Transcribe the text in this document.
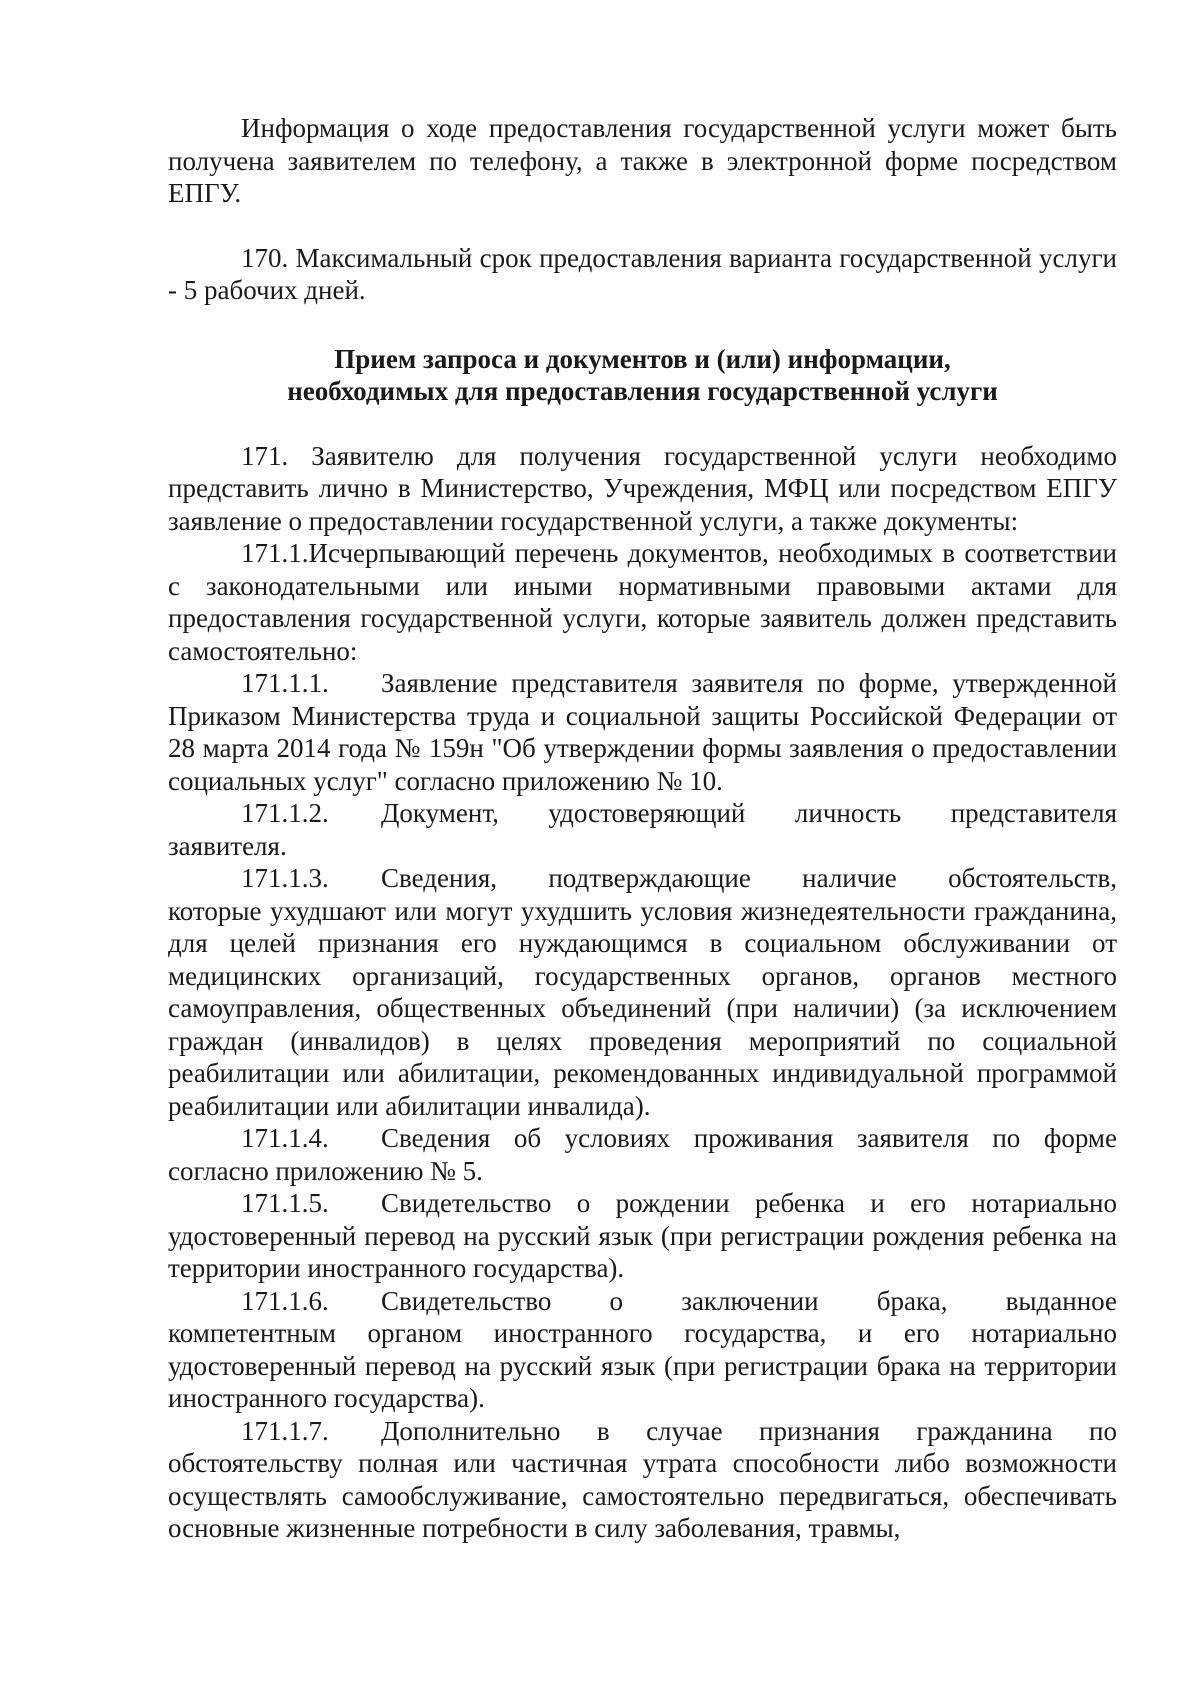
Информация о ходе предоставления государственной услуги может быть получена заявителем по телефону, а также в электронной форме посредством ЕПГУ.

170. Максимальный срок предоставления варианта государственной услуги - 5 рабочих дней.

Прием запроса и документов и (или) информации,

необходимых для предоставления государственной услуги

171. Заявителю для получения государственной услуги необходимо представить лично в Министерство, Учреждения, МФЦ или посредством ЕПГУ заявление о предоставлении государственной услуги, а также документы:

171.1.Исчерпывающий перечень документов, необходимых в соответствии с законодательными или иными нормативными правовыми актами для предоставления государственной услуги, которые заявитель должен представить самостоятельно:

171.1.1.	Заявление представителя заявителя по форме, утвержденной

Приказом Министерства труда и социальной защиты Российской Федерации от 28 марта 2014 года № 159н "Об утверждении формы заявления о предоставлении социальных услуг" согласно приложению № 10.

171.1.2.	Документ, удостоверяющий личность представителя

заявителя.

171.1.3.	Сведения, подтверждающие наличие обстоятельств,

которые ухудшают или могут ухудшить условия жизнедеятельности гражданина, для целей признания его нуждающимся в социальном обслуживании от медицинских организаций, государственных органов, органов местного самоуправления, общественных объединений (при наличии) (за исключением граждан (инвалидов) в целях проведения мероприятий по социальной реабилитации или абилитации, рекомендованных индивидуальной программой реабилитации или абилитации инвалида).

171.1.4.	Сведения об условиях проживания заявителя по форме

согласно приложению № 5.

171.1.5.	Свидетельство о рождении ребенка и его нотариально

удостоверенный перевод на русский язык (при регистрации рождения ребенка на территории иностранного государства).

171.1.6.	Свидетельство о заключении брака, выданное

компетентным органом иностранного государства, и его нотариально удостоверенный перевод на русский язык (при регистрации брака на территории иностранного государства).

171.1.7.	Дополнительно в случае признания гражданина по

обстоятельству полная или частичная утрата способности либо возможности осуществлять самообслуживание, самостоятельно передвигаться, обеспечивать основные жизненные потребности в силу заболевания, травмы,
